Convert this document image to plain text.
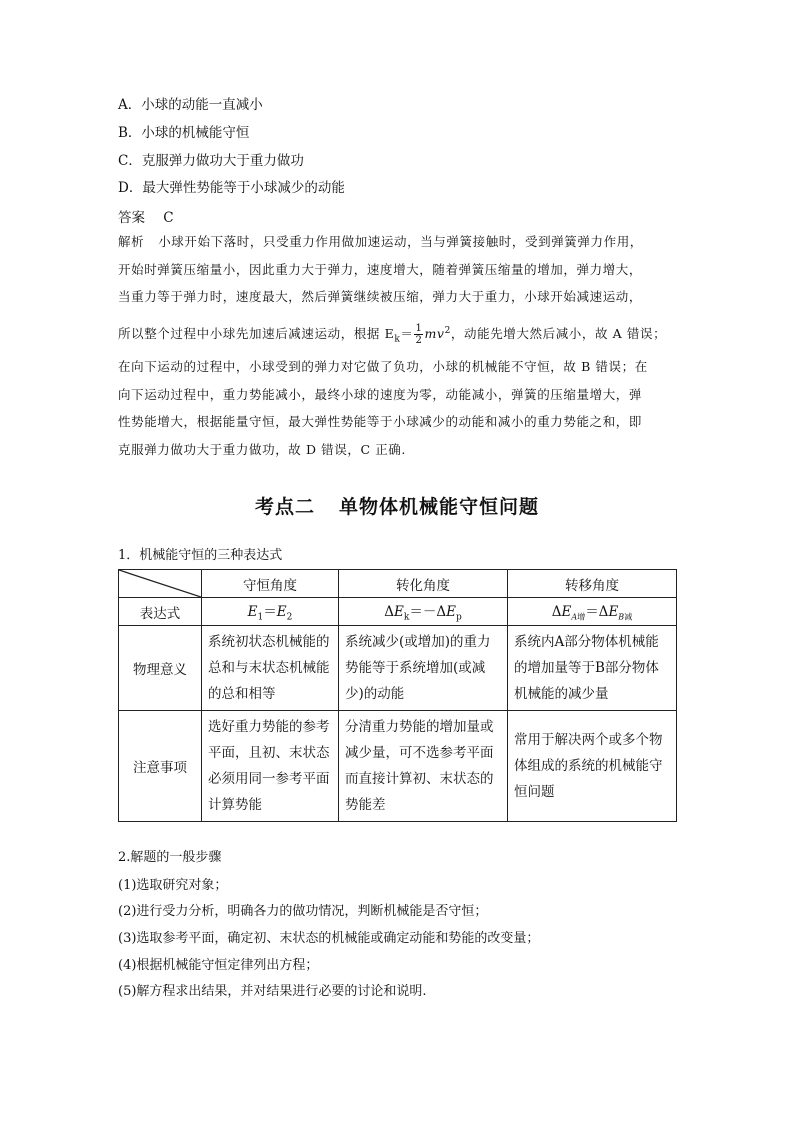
A．小球的动能一直减小
B．小球的机械能守恒
C．克服弹力做功大于重力做功
D．最大弹性势能等于小球减少的动能
答案 C
解析 小球开始下落时，只受重力作用做加速运动，当与弹簧接触时，受到弹簧弹力作用，
开始时弹簧压缩量小，因此重力大于弹力，速度增大，随着弹簧压缩量的增加，弹力增大，
当重力等于弹力时，速度最大，然后弹簧继续被压缩，弹力大于重力，小球开始减速运动，
所以整个过程中小球先加速后减速运动，根据 $E_k= \frac{1}{2} mv^2$，动能先增大然后减小，故 A 错误；
在向下运动的过程中，小球受到的弹力对它做了负功，小球的机械能不守恒，故 B 错误；在
向下运动过程中，重力势能减小，最终小球的速度为零，动能减小，弹簧的压缩量增大，弹
性势能增大，根据能量守恒，最大弹性势能等于小球减少的动能和减小的重力势能之和，即
克服弹力做功大于重力做功，故 D 错误，C 正确.
考点二 单物体机械能守恒问题
1．机械能守恒的三种表达式
	守恒角度	转化角度	转移角度
表达式	$E_1=E_2$	$\Delta E_k=-\Delta E_p$	$\Delta E_{A增}=\Delta E_{B减}$
物理意义	系统初状态机械能的总和与末状态机械能的总和相等	系统减少(或增加)的重力势能等于系统增加(或减少)的动能	系统内A部分物体机械能的增加量等于B部分物体机械能的减少量
注意事项	选好重力势能的参考平面，且初、末状态必须用同一参考平面计算势能	分清重力势能的增加量或减少量，可不选参考平面而直接计算初、末状态的势能差	常用于解决两个或多个物体组成的系统的机械能守恒问题
2.解题的一般步骤
(1)选取研究对象；
(2)进行受力分析，明确各力的做功情况，判断机械能是否守恒；
(3)选取参考平面，确定初、末状态的机械能或确定动能和势能的改变量；
(4)根据机械能守恒定律列出方程；
(5)解方程求出结果，并对结果进行必要的讨论和说明.
